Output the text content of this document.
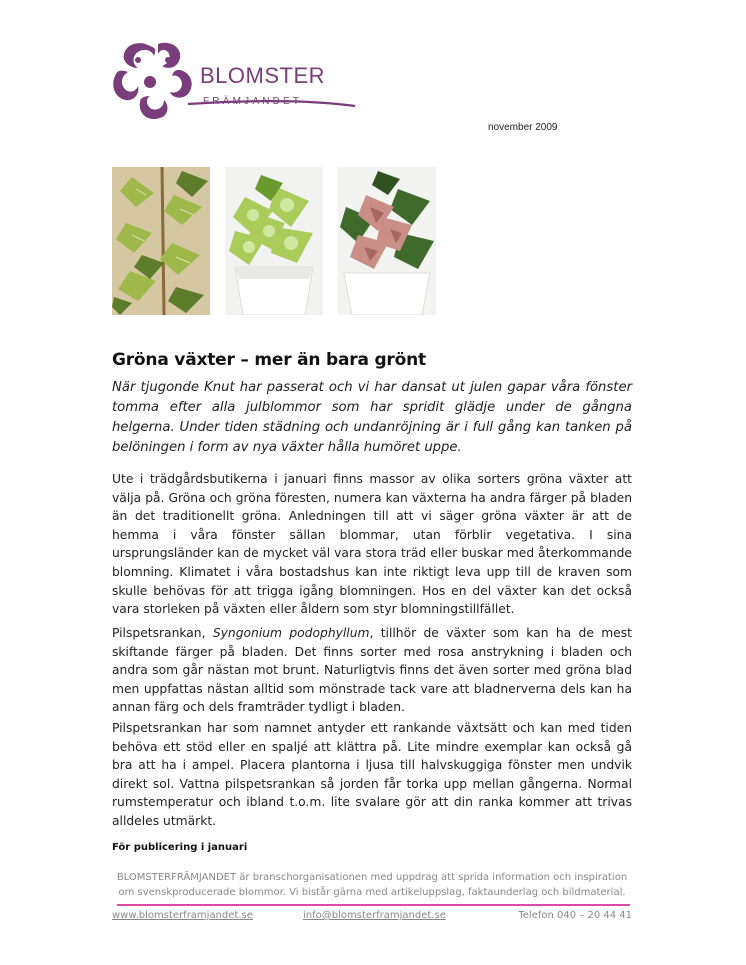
BLOMSTER
FRÄMJANDET
november 2009
Gröna växter – mer än bara grönt

När tjugonde Knut har passerat och vi har dansat ut julen gapar våra fönster tomma efter alla julblommor som har spridit glädje under de gångna helgerna. Under tiden städning och undanröjning är i full gång kan tanken på belöningen i form av nya växter hålla humöret uppe.

Ute i trädgårdsbutikerna i januari finns massor av olika sorters gröna växter att välja på. Gröna och gröna föresten, numera kan växterna ha andra färger på bladen än det traditionellt gröna. Anledningen till att vi säger gröna växter är att de hemma i våra fönster sällan blommar, utan förblir vegetativa. I sina ursprungsländer kan de mycket väl vara stora träd eller buskar med återkommande blomning. Klimatet i våra bostadshus kan inte riktigt leva upp till de kraven som skulle behövas för att trigga igång blomningen. Hos en del växter kan det också vara storleken på växten eller åldern som styr blomningstillfället.

Pilspetsrankan, Syngonium podophyllum, tillhör de växter som kan ha de mest skiftande färger på bladen. Det finns sorter med rosa anstrykning i bladen och andra som går nästan mot brunt. Naturligtvis finns det även sorter med gröna blad men uppfattas nästan alltid som mönstrade tack vare att bladnerverna dels kan ha annan färg och dels framträder tydligt i bladen.

Pilspetsrankan har som namnet antyder ett rankande växtsätt och kan med tiden behöva ett stöd eller en spaljé att klättra på. Lite mindre exemplar kan också gå bra att ha i ampel. Placera plantorna i ljusa till halvskuggiga fönster men undvik direkt sol. Vattna pilspetsrankan så jorden får torka upp mellan gångerna. Normal rumstemperatur och ibland t.o.m. lite svalare gör att din ranka kommer att trivas alldeles utmärkt.

För publicering i januari
BLOMSTERFRÄMJANDET är branschorganisationen med uppdrag att sprida information och inspiration om svenskproducerade blommor. Vi bistår gärna med artikeluppslag, faktaunderlag och bildmaterial.
www.blomsterframjandet.se	info@blomsterframjandet.se	Telefon 040 – 20 44 41
